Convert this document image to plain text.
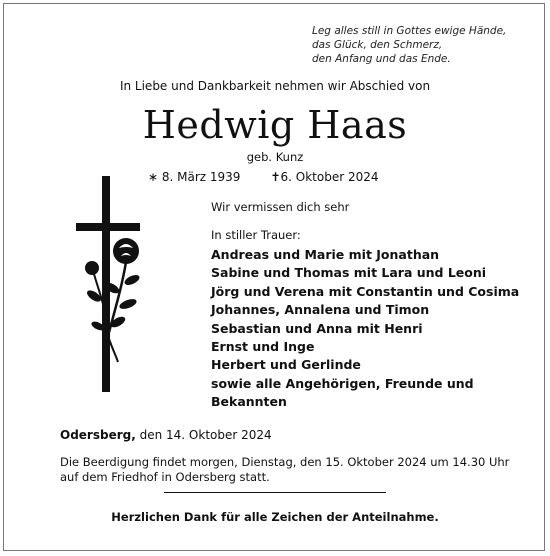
Leg alles still in Gottes ewige Hände,
das Glück, den Schmerz,
den Anfang und das Ende.
In Liebe und Dankbarkeit nehmen wir Abschied von
Hedwig Haas
geb. Kunz
∗ 8. März 1939	✝6. Oktober 2024
Wir vermissen dich sehr
In stiller Trauer:
Andreas und Marie mit Jonathan
Sabine und Thomas mit Lara und Leoni
Jörg und Verena mit Constantin und Cosima
Johannes, Annalena und Timon
Sebastian und Anna mit Henri
Ernst und Inge
Herbert und Gerlinde
sowie alle Angehörigen, Freunde und
Bekannten
Odersberg, den 14. Oktober 2024
Die Beerdigung findet morgen, Dienstag, den 15. Oktober 2024 um 14.30 Uhr
auf dem Friedhof in Odersberg statt.
Herzlichen Dank für alle Zeichen der Anteilnahme.
